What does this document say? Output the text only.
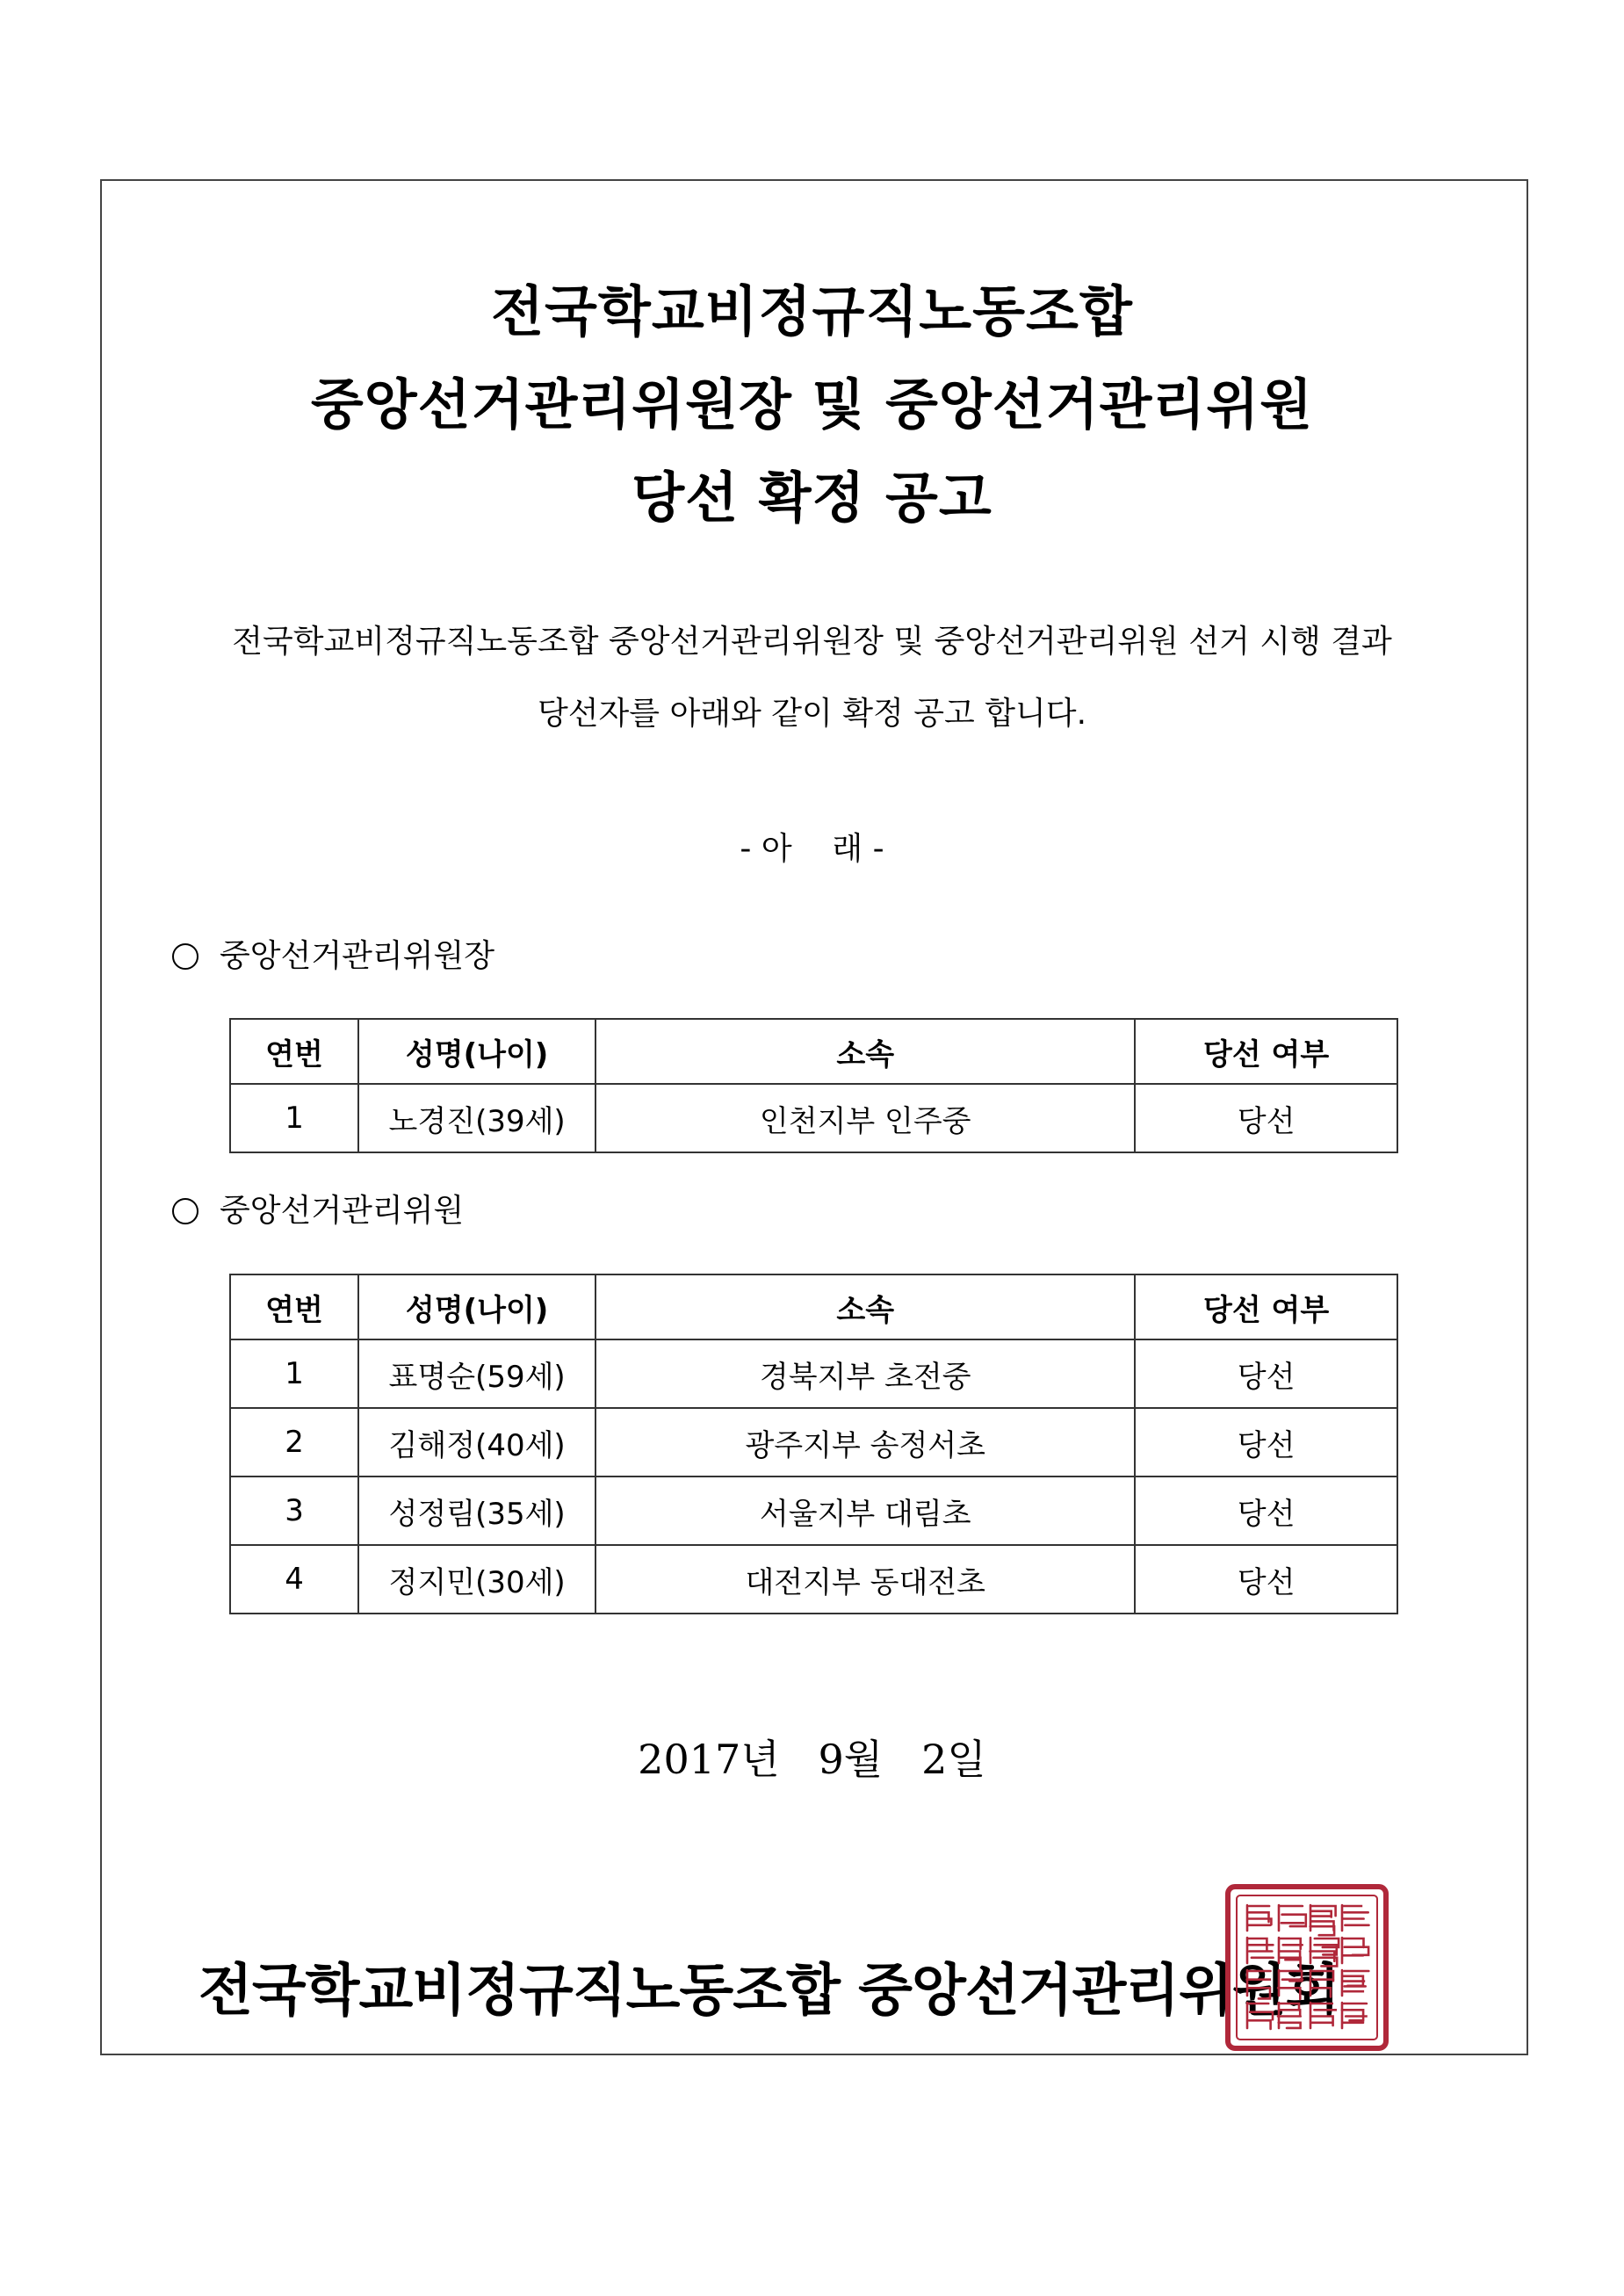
전국학교비정규직노동조합
중앙선거관리위원장 및 중앙선거관리위원
당선 확정 공고
전국학교비정규직노동조합 중앙선거관리위원장 및 중앙선거관리위원 선거 시행 결과
당선자를 아래와 같이 확정 공고 합니다.
- 아    래 -
중앙선거관리위원장
연번	성명(나이)	소속	당선 여부
1	노경진(39세)	인천지부 인주중	당선
중앙선거관리위원
연번	성명(나이)	소속	당선 여부
1	표명순(59세)	경북지부 초전중	당선
2	김해정(40세)	광주지부 송정서초	당선
3	성정림(35세)	서울지부 대림초	당선
4	정지민(30세)	대전지부 동대전초	당선
2017년   9월   2일
전국학교비정규직노동조합 중앙선거관리위원회
